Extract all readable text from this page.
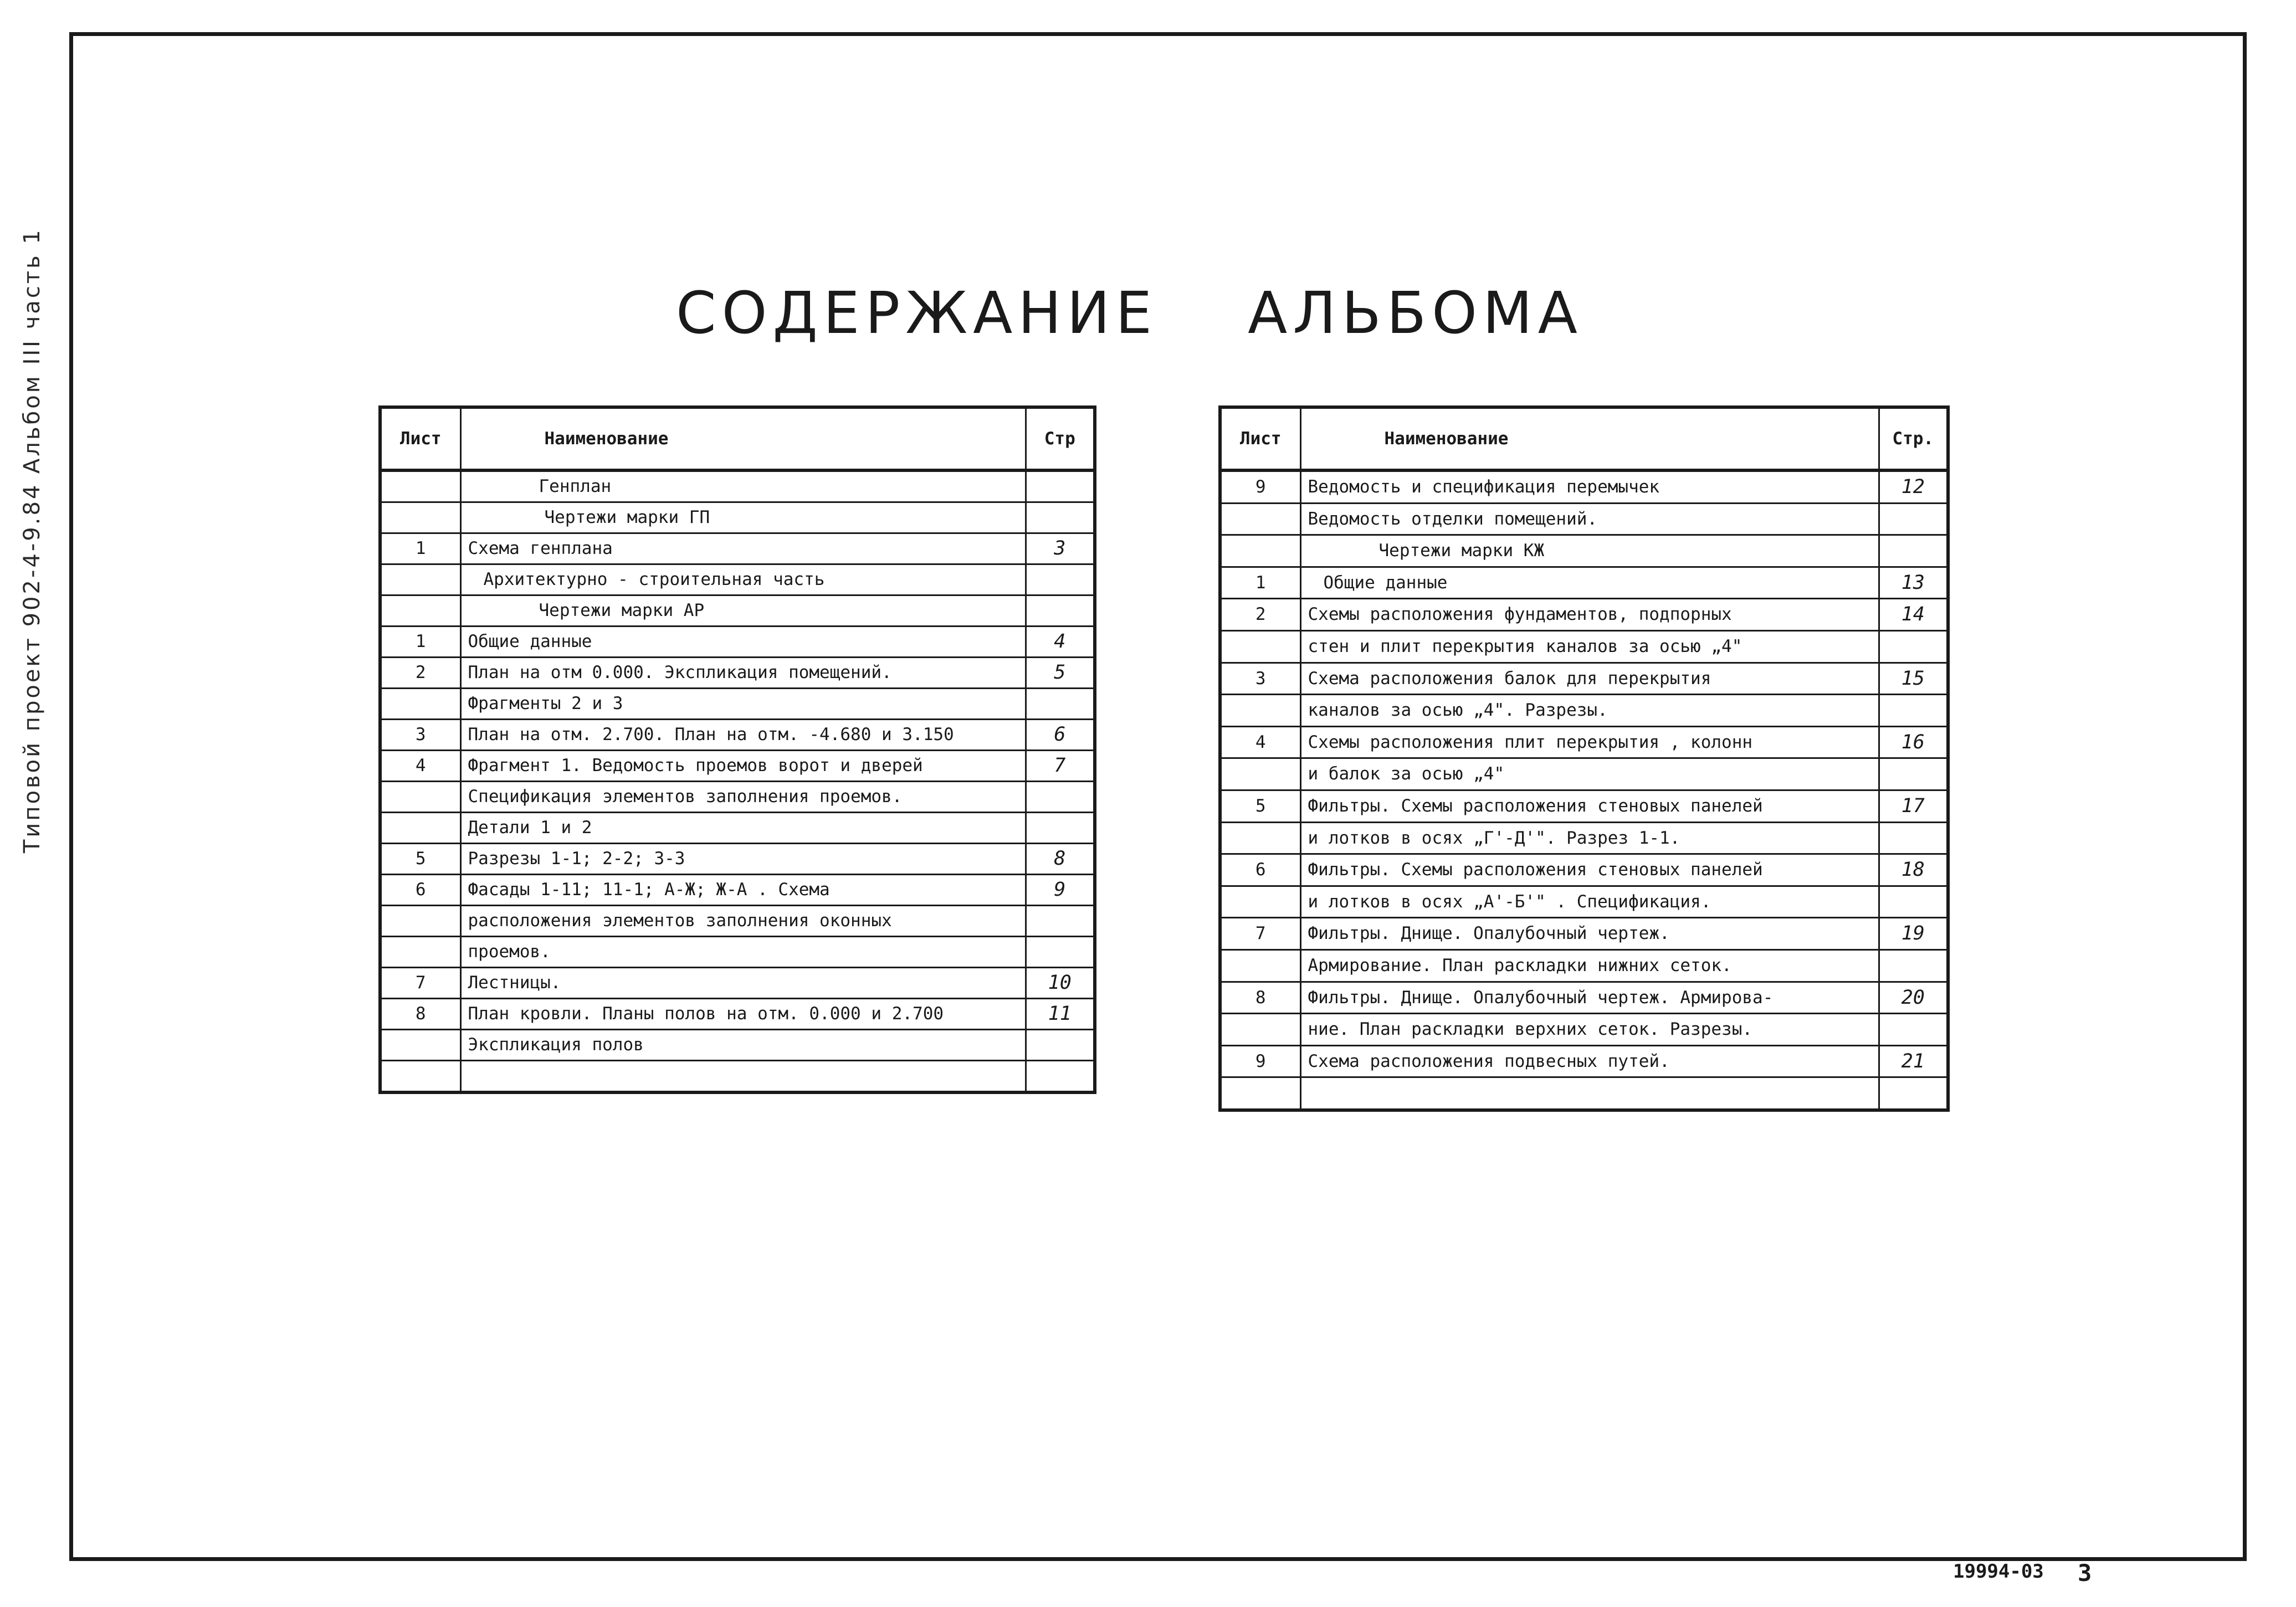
Типовой проект 902-4-9.84 Альбом III часть 1	СОДЕРЖАНИЕ АЛЬБОМА
Лист	Наименование	Стр
	Генплан	
	Чертежи марки ГП	
1	Схема генплана	3
	Архитектурно - строительная часть	
	Чертежи марки АР	
1	Общие данные	4
2	План на отм 0.000. Экспликация помещений.	5
	Фрагменты 2 и 3	
3	План на отм. 2.700. План на отм. -4.680 и 3.150	6
4	Фрагмент 1. Ведомость проемов ворот и дверей	7
	Спецификация элементов заполнения проемов.	
	Детали 1 и 2	
5	Разрезы 1-1; 2-2; 3-3	8
6	Фасады 1-11; 11-1; А-Ж; Ж-А . Схема	9
	расположения элементов заполнения оконных	
	проемов.	
7	Лестницы.	10
8	План кровли. Планы полов на отм. 0.000 и 2.700	11
	Экспликация полов	

Лист	Наименование	Стр.
9	Ведомость и спецификация перемычек	12
	Ведомость отделки помещений.	
	Чертежи марки КЖ	
1	Общие данные	13
2	Схемы расположения фундаментов, подпорных	14
	стен и плит перекрытия каналов за осью „4"	
3	Схема расположения балок для перекрытия	15
	каналов за осью „4". Разрезы.	
4	Схемы расположения плит перекрытия , колонн	16
	и балок за осью „4"	
5	Фильтры. Схемы расположения стеновых панелей	17
	и лотков в осях „Г'-Д'". Разрез 1-1.	
6	Фильтры. Схемы расположения стеновых панелей	18
	и лотков в осях „А'-Б'" . Спецификация.	
7	Фильтры. Днище. Опалубочный чертеж.	19
	Армирование. План раскладки нижних сеток.	
8	Фильтры. Днище. Опалубочный чертеж. Армирова-	20
	ние. План раскладки верхних сеток. Разрезы.	
9	Схема расположения подвесных путей.	21

19994-03	3
